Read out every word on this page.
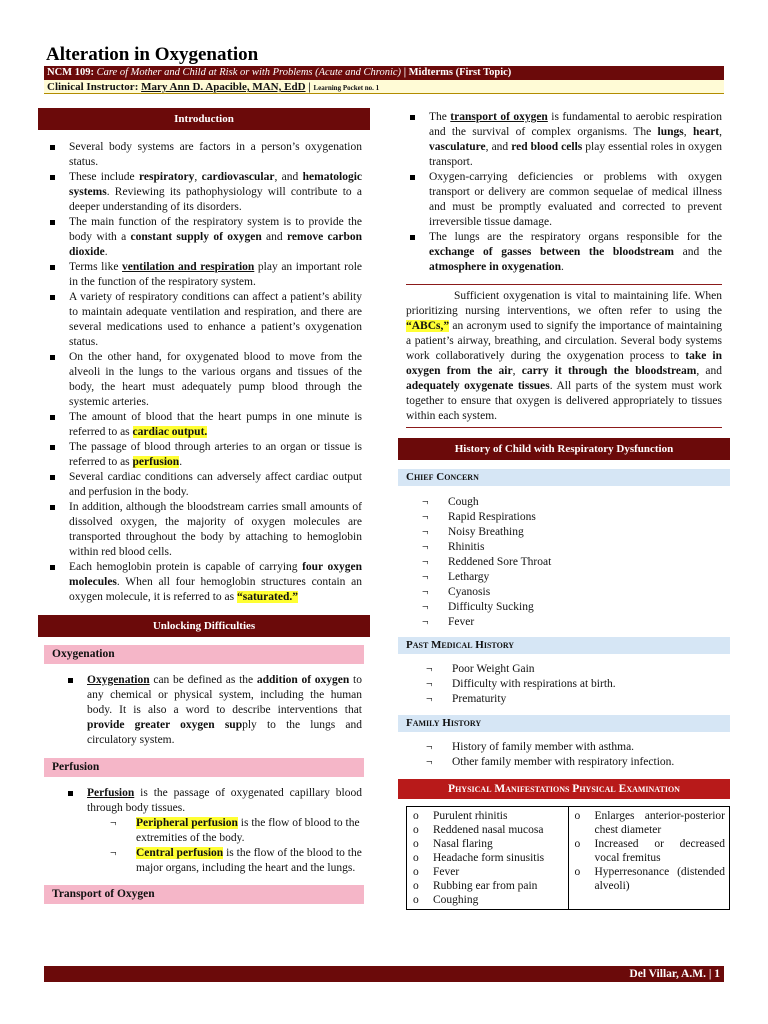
Alteration in Oxygenation
NCM 109: Care of Mother and Child at Risk or with Problems (Acute and Chronic) | Midterms (First Topic)
Clinical Instructor: Mary Ann D. Apacible, MAN, EdD | Learning Pocket no. 1
Introduction
Several body systems are factors in a person’s oxygenation status.
These include respiratory, cardiovascular, and hematologic systems. Reviewing its pathophysiology will contribute to a deeper understanding of its disorders.
The main function of the respiratory system is to provide the body with a constant supply of oxygen and remove carbon dioxide.
Terms like ventilation and respiration play an important role in the function of the respiratory system.
A variety of respiratory conditions can affect a patient’s ability to maintain adequate ventilation and respiration, and there are several medications used to enhance a patient’s oxygenation status.
On the other hand, for oxygenated blood to move from the alveoli in the lungs to the various organs and tissues of the body, the heart must adequately pump blood through the systemic arteries.
The amount of blood that the heart pumps in one minute is referred to as cardiac output.
The passage of blood through arteries to an organ or tissue is referred to as perfusion.
Several cardiac conditions can adversely affect cardiac output and perfusion in the body.
In addition, although the bloodstream carries small amounts of dissolved oxygen, the majority of oxygen molecules are transported throughout the body by attaching to hemoglobin within red blood cells.
Each hemoglobin protein is capable of carrying four oxygen molecules. When all four hemoglobin structures contain an oxygen molecule, it is referred to as “saturated.”
Unlocking Difficulties
Oxygenation
Oxygenation can be defined as the addition of oxygen to any chemical or physical system, including the human body. It is also a word to describe interventions that provide greater oxygen supply to the lungs and circulatory system.
Perfusion
Perfusion is the passage of oxygenated capillary blood through body tissues.
¬ Peripheral perfusion is the flow of blood to the extremities of the body.
¬ Central perfusion is the flow of the blood to the major organs, including the heart and the lungs.
Transport of Oxygen
The transport of oxygen is fundamental to aerobic respiration and the survival of complex organisms. The lungs, heart, vasculature, and red blood cells play essential roles in oxygen transport.
Oxygen-carrying deficiencies or problems with oxygen transport or delivery are common sequelae of medical illness and must be promptly evaluated and corrected to prevent irreversible tissue damage.
The lungs are the respiratory organs responsible for the exchange of gasses between the bloodstream and the atmosphere in oxygenation.

Sufficient oxygenation is vital to maintaining life. When prioritizing nursing interventions, we often refer to using the “ABCs,” an acronym used to signify the importance of maintaining a patient’s airway, breathing, and circulation. Several body systems work collaboratively during the oxygenation process to take in oxygen from the air, carry it through the bloodstream, and adequately oxygenate tissues. All parts of the system must work together to ensure that oxygen is delivered appropriately to tissues within each system.

History of Child with Respiratory Dysfunction
Chief Concern
¬ Cough
¬ Rapid Respirations
¬ Noisy Breathing
¬ Rhinitis
¬ Reddened Sore Throat
¬ Lethargy
¬ Cyanosis
¬ Difficulty Sucking
¬ Fever
Past Medical History
¬ Poor Weight Gain
¬ Difficulty with respirations at birth.
¬ Prematurity
Family History
¬ History of family member with asthma.
¬ Other family member with respiratory infection.
Physical Manifestations Physical Examination
o Purulent rhinitis
o Reddened nasal mucosa
o Nasal flaring
o Headache form sinusitis
o Fever
o Rubbing ear from pain
o Coughing

o Enlarges anterior-posterior chest diameter
o Increased or decreased vocal fremitus
o Hyperresonance (distended alveoli)
Del Villar, A.M. | 1
